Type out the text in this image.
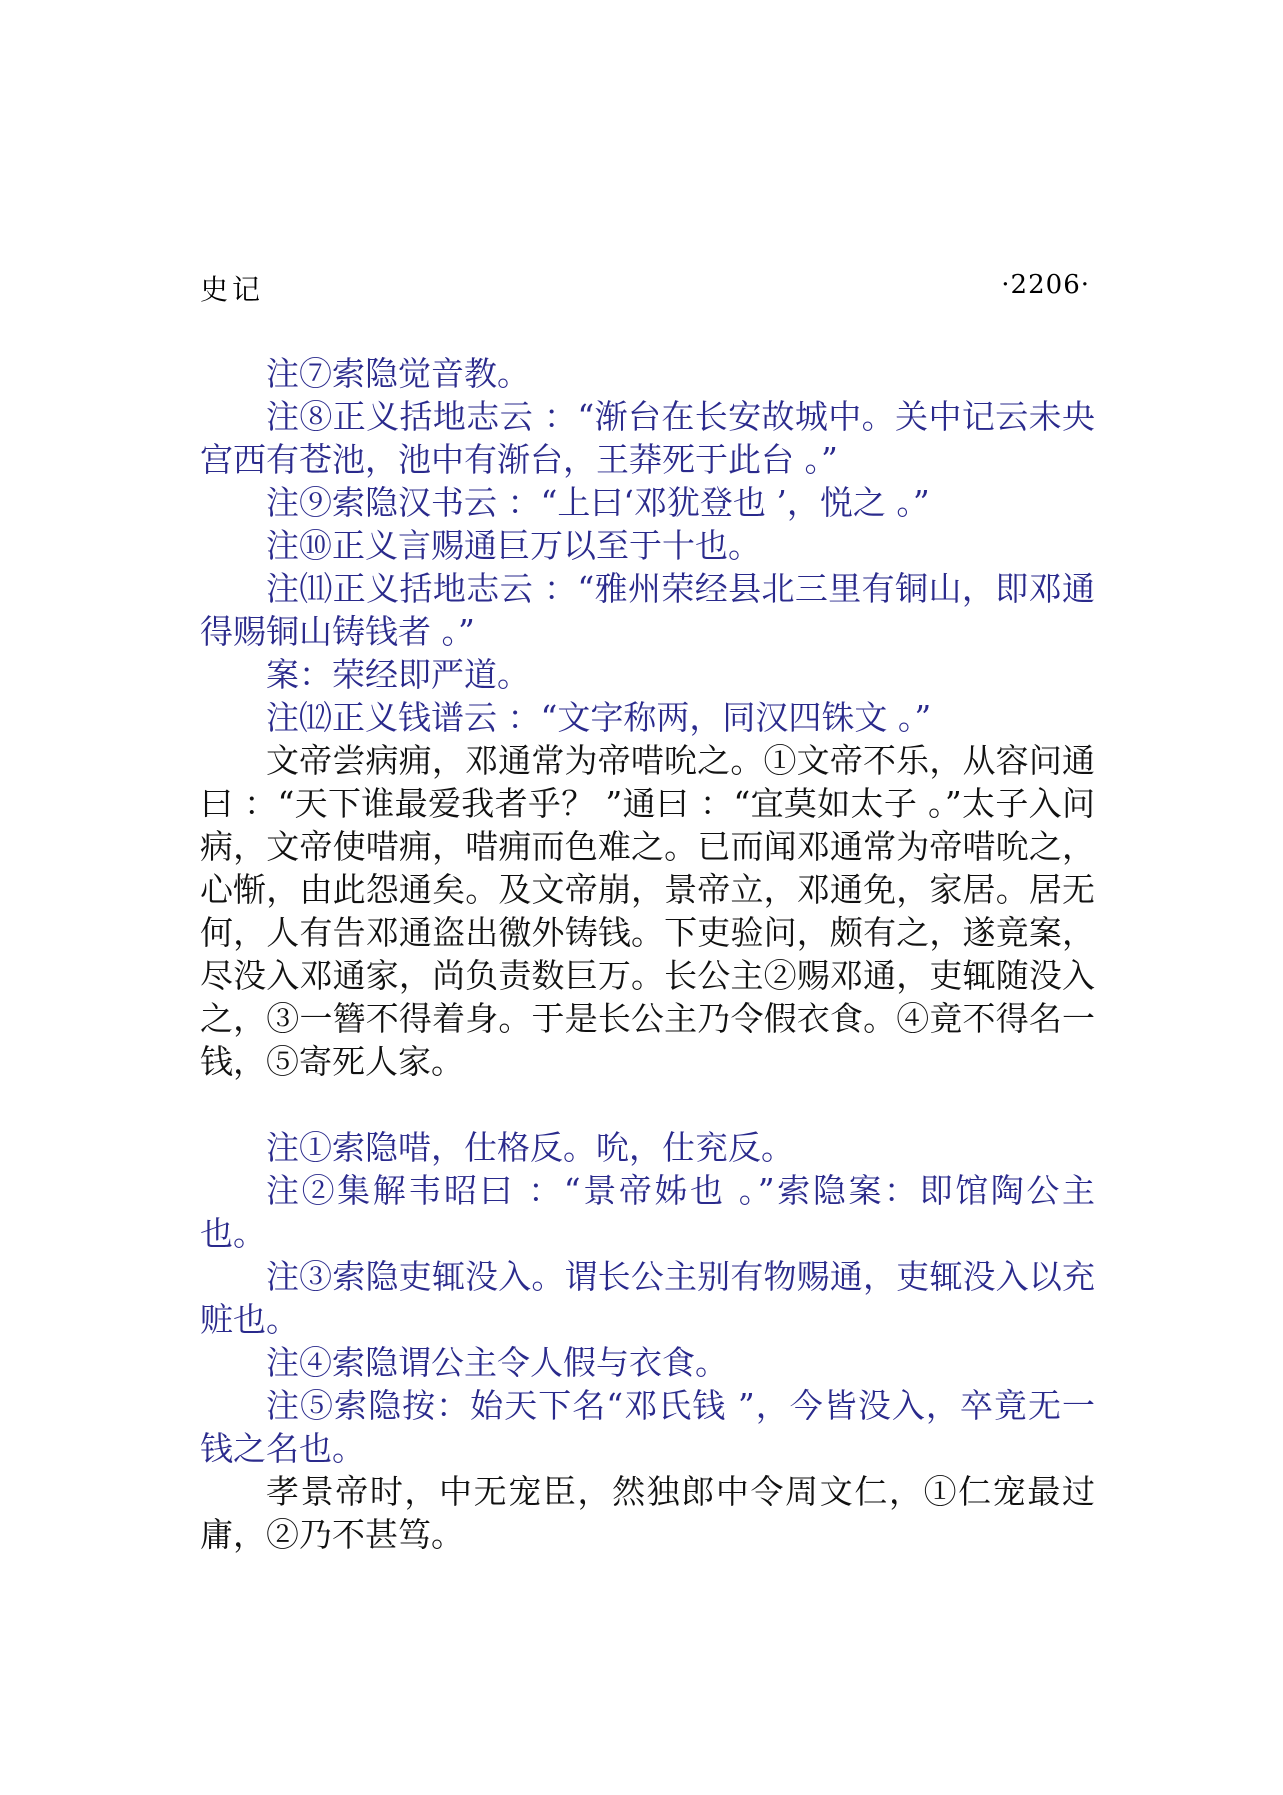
史记	·2206·

注⑦索隐觉音教。

注⑧正义括地志云 ：“渐台在长安故城中。关中记云未央宫西有苍池，池中有渐台，王莽死于此台 。”

注⑨索隐汉书云 ：“上曰‘邓犹登也 ’，悦之 。”

注⑩正义言赐通巨万以至于十也。

注⑾正义括地志云 ：“雅州荣经县北三里有铜山，即邓通得赐铜山铸钱者 。”

案：荣经即严道。

注⑿正义钱谱云 ：“文字称两，同汉四铢文 。”

文帝尝病痈，邓通常为帝唶吮之。①文帝不乐，从容问通曰 ：“天下谁最爱我者乎？ ”通曰 ：“宜莫如太子 。”太子入问病，文帝使唶痈，唶痈而色难之。已而闻邓通常为帝唶吮之，心惭，由此怨通矣。及文帝崩，景帝立，邓通免，家居。居无何，人有告邓通盗出徼外铸钱。下吏验问，颇有之，遂竟案，尽没入邓通家，尚负责数巨万。长公主②赐邓通，吏辄随没入之，③一簪不得着身。于是长公主乃令假衣食。④竟不得名一钱，⑤寄死人家。

注①索隐唶，仕格反。吮，仕兖反。

注②集解韦昭曰 ：“景帝姊也 。”索隐案：即馆陶公主也。

注③索隐吏辄没入。谓长公主别有物赐通，吏辄没入以充赃也。

注④索隐谓公主令人假与衣食。

注⑤索隐按：始天下名“邓氏钱 ”，今皆没入，卒竟无一钱之名也。

孝景帝时，中无宠臣，然独郎中令周文仁，①仁宠最过庸，②乃不甚笃。
